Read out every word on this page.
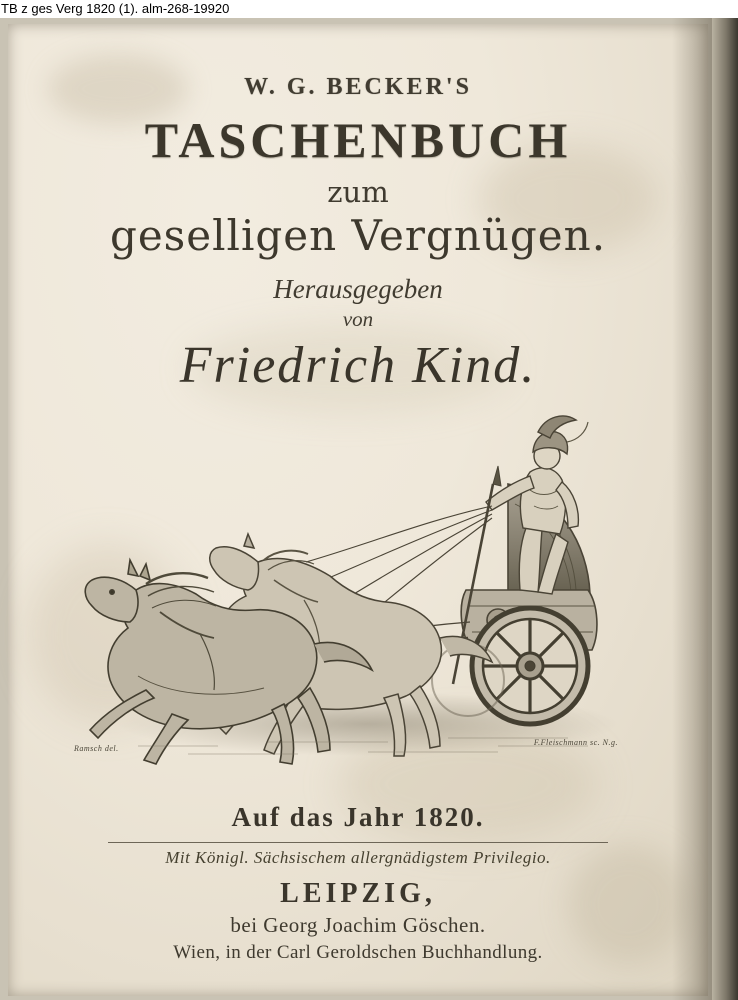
TB z ges Verg 1820 (1). alm-268-19920
W. G. BECKER'S
TASCHENBUCH
zum
geselligen Vergnügen.
Herausgegeben
von
Friedrich Kind.
Ramsch del.
F.Fleischmann sc. N.g.
Auf das Jahr 1820.
Mit Königl. Sächsischem allergnädigstem Privilegio.
LEIPZIG,
bei Georg Joachim Göschen.
Wien, in der Carl Geroldschen Buchhandlung.
